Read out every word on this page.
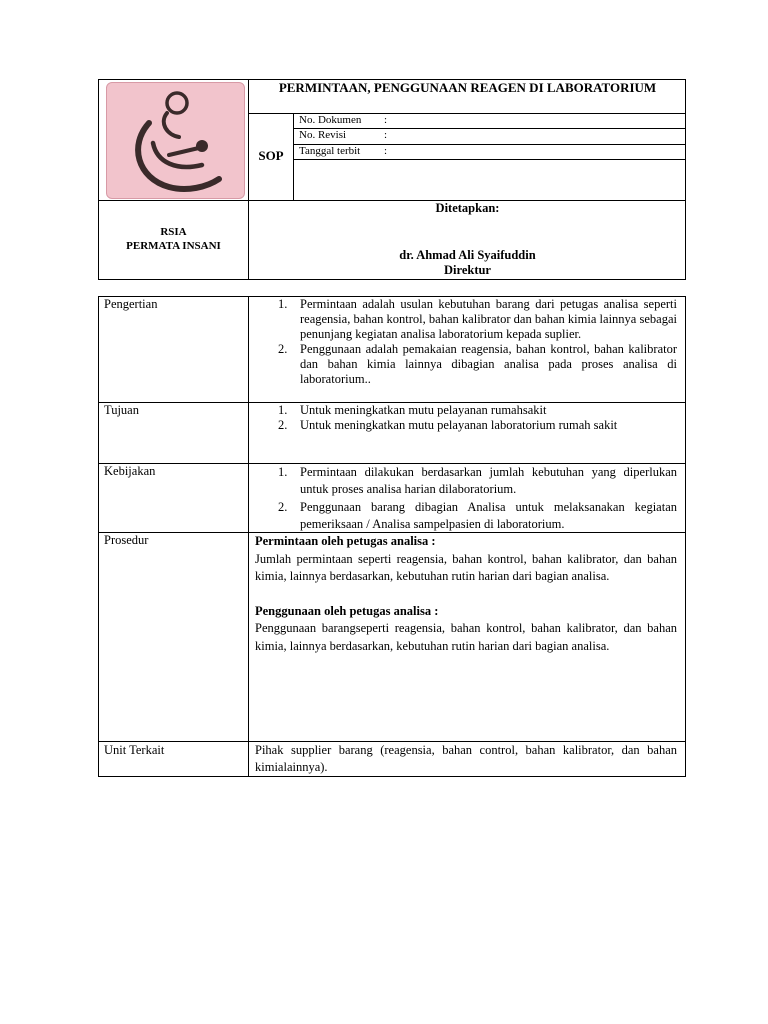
PERMINTAAN, PENGGUNAAN REAGEN DI LABORATORIUM
SOP
No. Dokumen :
No. Revisi	:
Tanggal terbit :
RSIA
PERMATA INSANI
Ditetapkan:
dr. Ahmad Ali Syaifuddin
Direktur
Pengertian	1. Permintaan adalah usulan kebutuhan barang dari petugas analisa seperti reagensia, bahan kontrol, bahan kalibrator dan bahan kimia lainnya sebagai penunjang kegiatan analisa laboratorium kepada suplier.
2. Penggunaan adalah pemakaian reagensia, bahan kontrol, bahan kalibrator dan bahan kimia lainnya dibagian analisa pada proses analisa di laboratorium..
Tujuan	1. Untuk meningkatkan mutu pelayanan rumahsakit
2. Untuk meningkatkan mutu pelayanan laboratorium rumah sakit
Kebijakan	1. Permintaan dilakukan berdasarkan jumlah kebutuhan yang diperlukan untuk proses analisa harian dilaboratorium.
2. Penggunaan barang dibagian Analisa untuk melaksanakan kegiatan pemeriksaan / Analisa sampelpasien di laboratorium.
Prosedur	Permintaan oleh petugas analisa :
Jumlah permintaan seperti reagensia, bahan kontrol, bahan kalibrator, dan bahan kimia, lainnya berdasarkan, kebutuhan rutin harian dari bagian analisa.
Penggunaan oleh petugas analisa :
Penggunaan barangseperti reagensia, bahan kontrol, bahan kalibrator, dan bahan kimia, lainnya berdasarkan, kebutuhan rutin harian dari bagian analisa.
Unit Terkait	Pihak supplier barang (reagensia, bahan control, bahan kalibrator, dan bahan kimialainnya).
